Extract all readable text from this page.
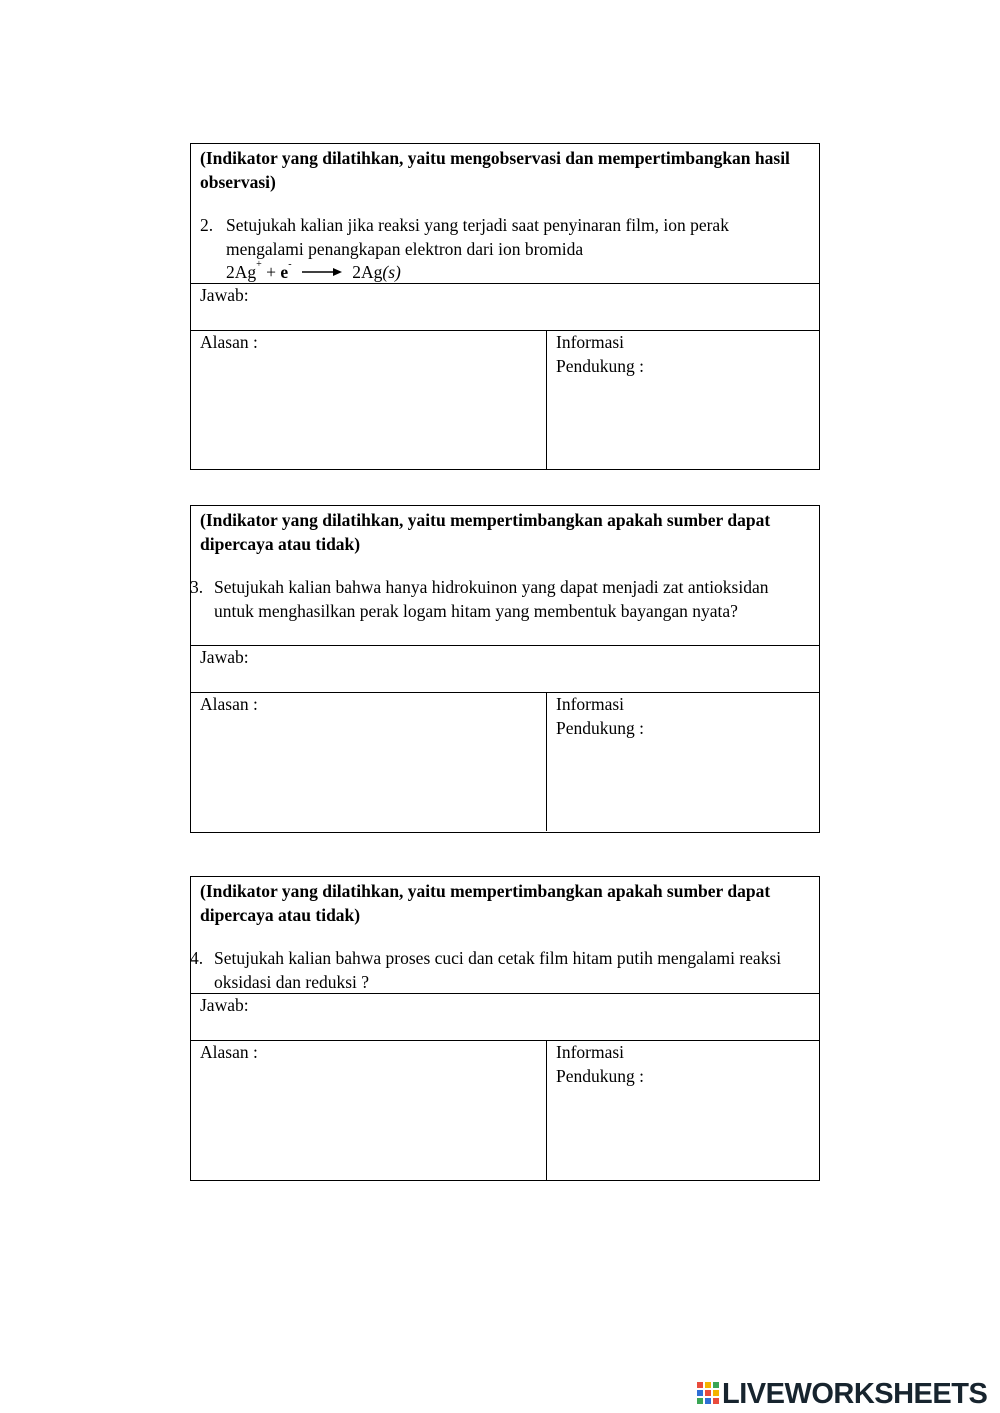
(Indikator yang dilatihkan, yaitu mengobservasi dan mempertimbangkan hasil observasi)
2. Setujukah kalian jika reaksi yang terjadi saat penyinaran film, ion perak mengalami penangkapan elektron dari ion bromida
2Ag+ + e- → 2Ag(s)
Jawab:
Alasan :	Informasi Pendukung :
(Indikator yang dilatihkan, yaitu mempertimbangkan apakah sumber dapat dipercaya atau tidak)
3. Setujukah kalian bahwa hanya hidrokuinon yang dapat menjadi zat antioksidan untuk menghasilkan perak logam hitam yang membentuk bayangan nyata?
Jawab:
Alasan :	Informasi Pendukung :
(Indikator yang dilatihkan, yaitu mempertimbangkan apakah sumber dapat dipercaya atau tidak)
4. Setujukah kalian bahwa proses cuci dan cetak film hitam putih mengalami reaksi oksidasi dan reduksi ?
Jawab:
Alasan :	Informasi Pendukung :
LIVEWORKSHEETS
